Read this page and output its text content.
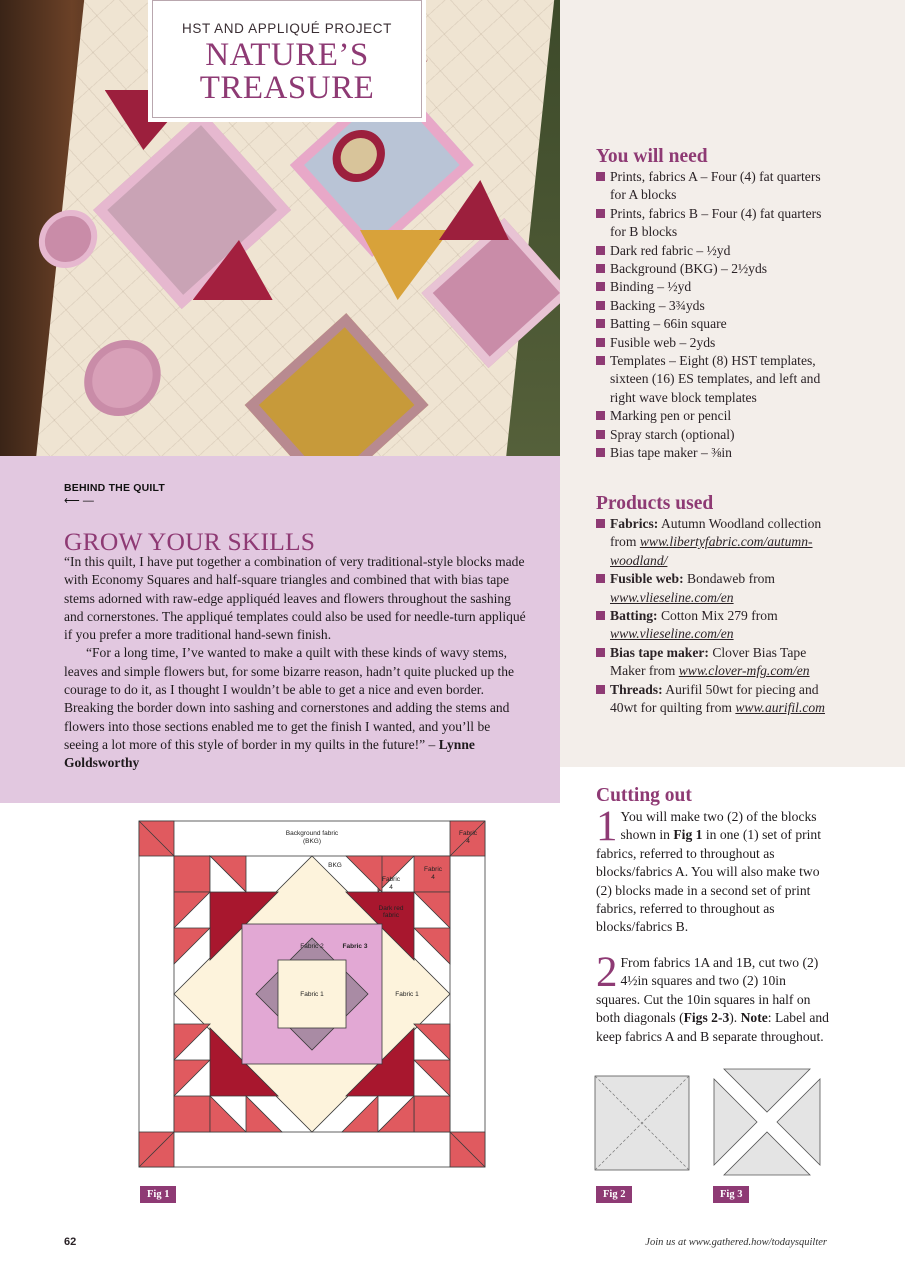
HST AND APPLIQUÉ PROJECT
NATURE’S
TREASURE
You will need
Prints, fabrics A – Four (4) fat quarters for A blocks
Prints, fabrics B – Four (4) fat quarters for B blocks
Dark red fabric – ½yd
Background (BKG) – 2½yds
Binding – ½yd
Backing – 3¾yds
Batting – 66in square
Fusible web – 2yds
Templates – Eight (8) HST templates, sixteen (16) ES templates, and left and right wave block templates
Marking pen or pencil
Spray starch (optional)
Bias tape maker – ⅜in
Products used
Fabrics: Autumn Woodland collection from www.libertyfabric.com/autumn-woodland/
Fusible web: Bondaweb from www.vlieseline.com/en
Batting: Cotton Mix 279 from www.vlieseline.com/en
Bias tape maker: Clover Bias Tape Maker from www.clover-mfg.com/en
Threads: Aurifil 50wt for piecing and 40wt for quilting from www.aurifil.com
BEHIND THE QUILT
⟵ —
GROW YOUR SKILLS

“In this quilt, I have put together a combination of very traditional-style blocks made with Economy Squares and half-square triangles and combined that with bias tape stems adorned with raw-edge appliquéd leaves and flowers throughout the sashing and cornerstones. The appliqué templates could also be used for needle-turn appliqué if you prefer a more traditional hand-sewn finish.

“For a long time, I’ve wanted to make a quilt with these kinds of wavy stems, leaves and simple flowers but, for some bizarre reason, hadn’t quite plucked up the courage to do it, as I thought I wouldn’t be able to get a nice and even border. Breaking the border down into sashing and cornerstones and adding the stems and flowers into those sections enabled me to get the finish I wanted, and you’ll be seeing a lot more of this style of border in my quilts in the future!” – Lynne Goldsworthy

Background fabric
(BKG)
Fabric
4
Fabric
4
Fabric
4
BKG
Dark red
fabric
Fabric 2	Fabric 3
Fabric 1	Fabric 1
Fig 1
Cutting out
1 You will make two (2) of the blocks shown in Fig 1 in one (1) set of print fabrics, referred to throughout as blocks/fabrics A. You will also make two (2) blocks made in a second set of print fabrics, referred to throughout as blocks/fabrics B.
2 From fabrics 1A and 1B, cut two (2) 4½in squares and two (2) 10in squares. Cut the 10in squares in half on both diagonals (Figs 2-3). Note: Label and keep fabrics A and B separate throughout.
Fig 2	Fig 3
62	Join us at www.gathered.how/todaysquilter
